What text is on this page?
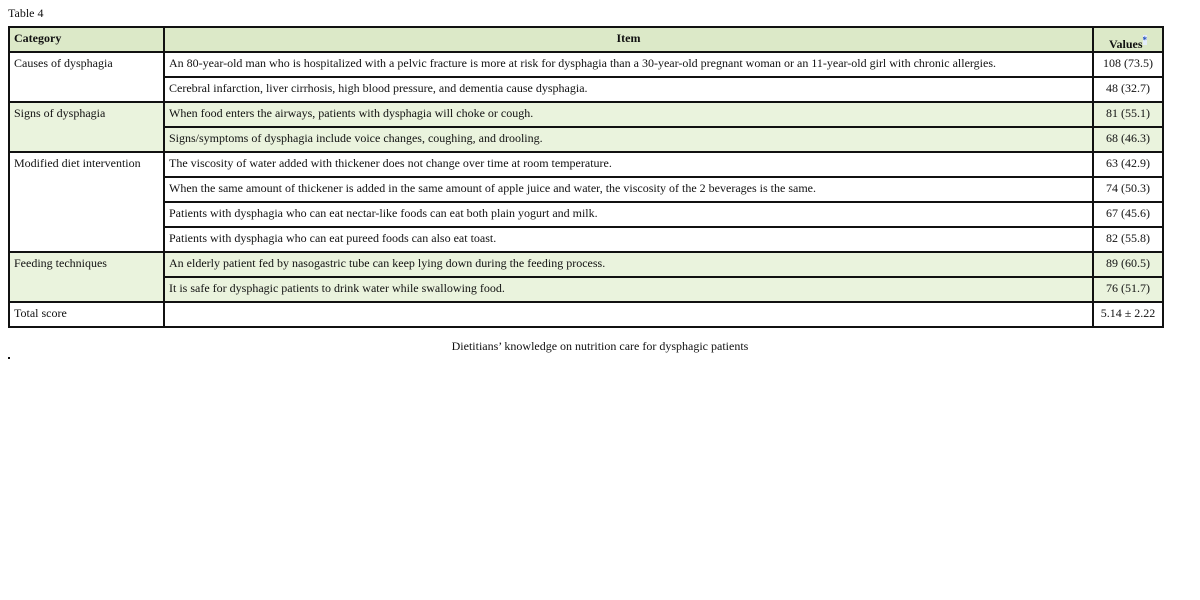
Table 4
Category	Item	Values*
Causes of dysphagia	An 80-year-old man who is hospitalized with a pelvic fracture is more at risk for dysphagia than a 30-year-old pregnant woman or an 11-year-old girl with chronic allergies.	108 (73.5)
	Cerebral infarction, liver cirrhosis, high blood pressure, and dementia cause dysphagia.	48 (32.7)
Signs of dysphagia	When food enters the airways, patients with dysphagia will choke or cough.	81 (55.1)
	Signs/symptoms of dysphagia include voice changes, coughing, and drooling.	68 (46.3)
Modified diet intervention	The viscosity of water added with thickener does not change over time at room temperature.	63 (42.9)
	When the same amount of thickener is added in the same amount of apple juice and water, the viscosity of the 2 beverages is the same.	74 (50.3)
	Patients with dysphagia who can eat nectar-like foods can eat both plain yogurt and milk.	67 (45.6)
	Patients with dysphagia who can eat pureed foods can also eat toast.	82 (55.8)
Feeding techniques	An elderly patient fed by nasogastric tube can keep lying down during the feeding process.	89 (60.5)
	It is safe for dysphagic patients to drink water while swallowing food.	76 (51.7)
Total score		5.14 ± 2.22
Dietitians’ knowledge on nutrition care for dysphagic patients
